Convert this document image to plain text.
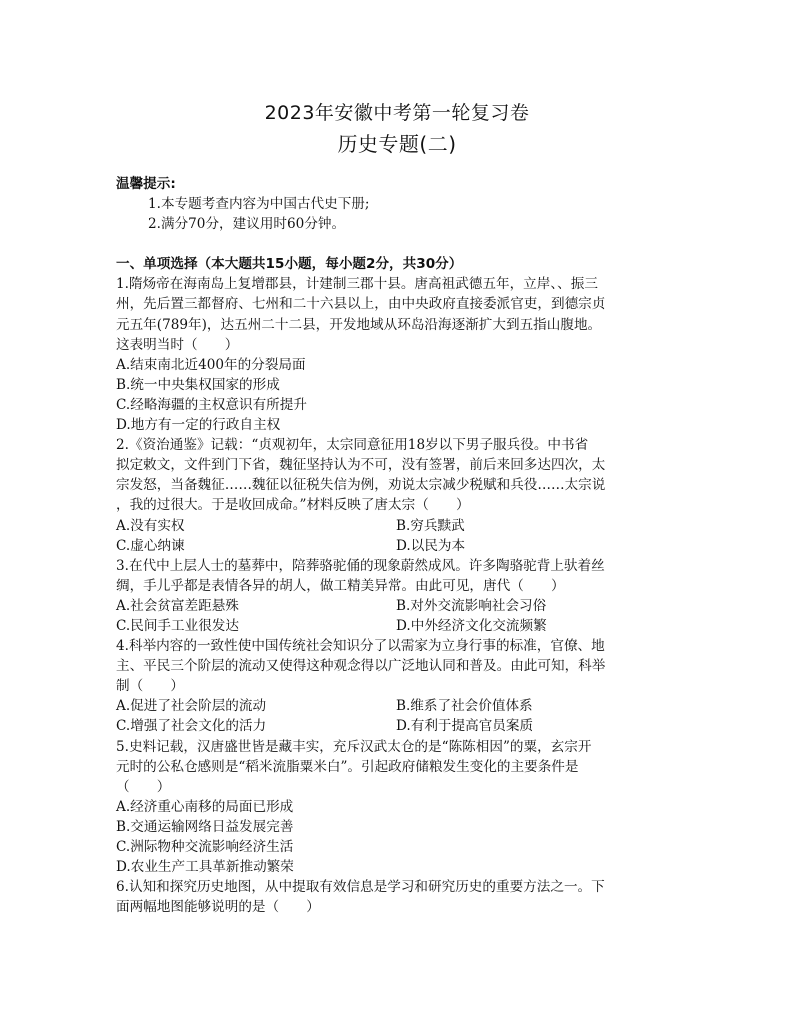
2023年安徽中考第一轮复习卷
历史专题(二)

温馨提示:

1.本专题考查内容为中国古代史下册;

2.满分70分，建议用时60分钟。

一、单项选择（本大题共15小题，每小题2分，共30分）

1.隋炀帝在海南岛上复增郡县，计建制三郡十县。唐高祖武德五年，立岸、、振三

州，先后置三都督府、七州和二十六县以上，由中央政府直接委派官吏，到德宗贞

元五年(789年)，达五州二十二县，开发地域从环岛沿海逐渐扩大到五指山腹地。

这表明当时（　　）

A.结束南北近400年的分裂局面

B.统一中央集权国家的形成

C.经略海疆的主权意识有所提升

D.地方有一定的行政自主权

2.《资治通鉴》记载：“贞观初年，太宗同意征用18岁以下男子服兵役。中书省

拟定敕文，文件到门下省，魏征坚持认为不可，没有签署，前后来回多达四次，太

宗发怒，当备魏征……魏征以征税失信为例，劝说太宗减少税赋和兵役……太宗说

，我的过很大。于是收回成命。”材料反映了唐太宗（　　）

A.没有实权	B.穷兵黩武
C.虚心纳谏	D.以民为本

3.在代中上层人士的墓葬中，陪葬骆驼俑的现象蔚然成风。许多陶骆驼背上驮着丝

绸，手儿乎都是表情各异的胡人，做工精美异常。由此可见，唐代（　　）

A.社会贫富差距悬殊	B.对外交流影响社会习俗
C.民间手工业很发达	D.中外经济文化交流频繁

4.科举内容的一致性使中国传统社会知识分了以需家为立身行事的标准，官僚、地

主、平民三个阶层的流动又使得这种观念得以广泛地认同和普及。由此可知，科举

制（　　）

A.促进了社会阶层的流动	B.维系了社会价值体系
C.增强了社会文化的活力	D.有利于提高官员案质

5.史料记载，汉唐盛世皆是藏丰实，充斥汉武太仓的是“陈陈相因”的粟，玄宗开

元时的公私仓感则是“稻米流脂粟米白”。引起政府储粮发生变化的主要条件是

（　　）

A.经济重心南移的局面已形成

B.交通运输网络日益发展完善

C.洲际物种交流影响经济生活

D.农业生产工具革新推动繁荣

6.认知和探究历史地图，从中提取有效信息是学习和研究历史的重要方法之一。下

面两幅地图能够说明的是（　　）
